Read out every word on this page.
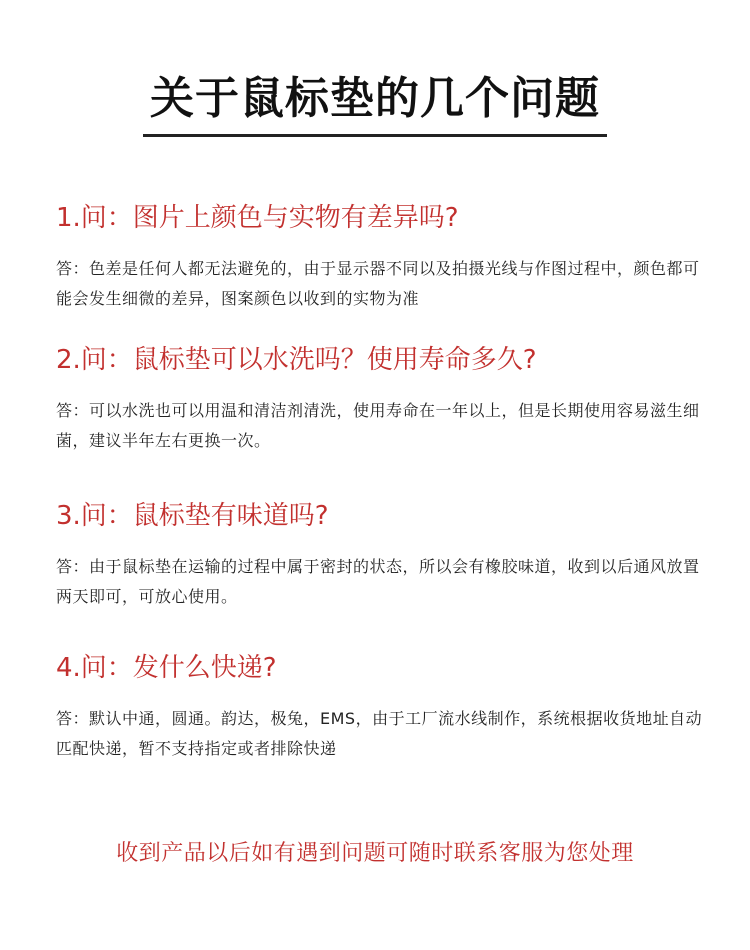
关于鼠标垫的几个问题

1.问：图片上颜色与实物有差异吗?

答：色差是任何人都无法避免的，由于显示器不同以及拍摄光线与作图过程中，颜色都可能会发生细微的差异，图案颜色以收到的实物为准

2.问：鼠标垫可以水洗吗？使用寿命多久?

答：可以水洗也可以用温和清洁剂清洗，使用寿命在一年以上，但是长期使用容易滋生细菌，建议半年左右更换一次。

3.问：鼠标垫有味道吗?

答：由于鼠标垫在运输的过程中属于密封的状态，所以会有橡胶味道，收到以后通风放置两天即可，可放心使用。

4.问：发什么快递?

答：默认中通，圆通。韵达，极兔，EMS，由于工厂流水线制作，系统根据收货地址自动匹配快递，暂不支持指定或者排除快递

收到产品以后如有遇到问题可随时联系客服为您处理
